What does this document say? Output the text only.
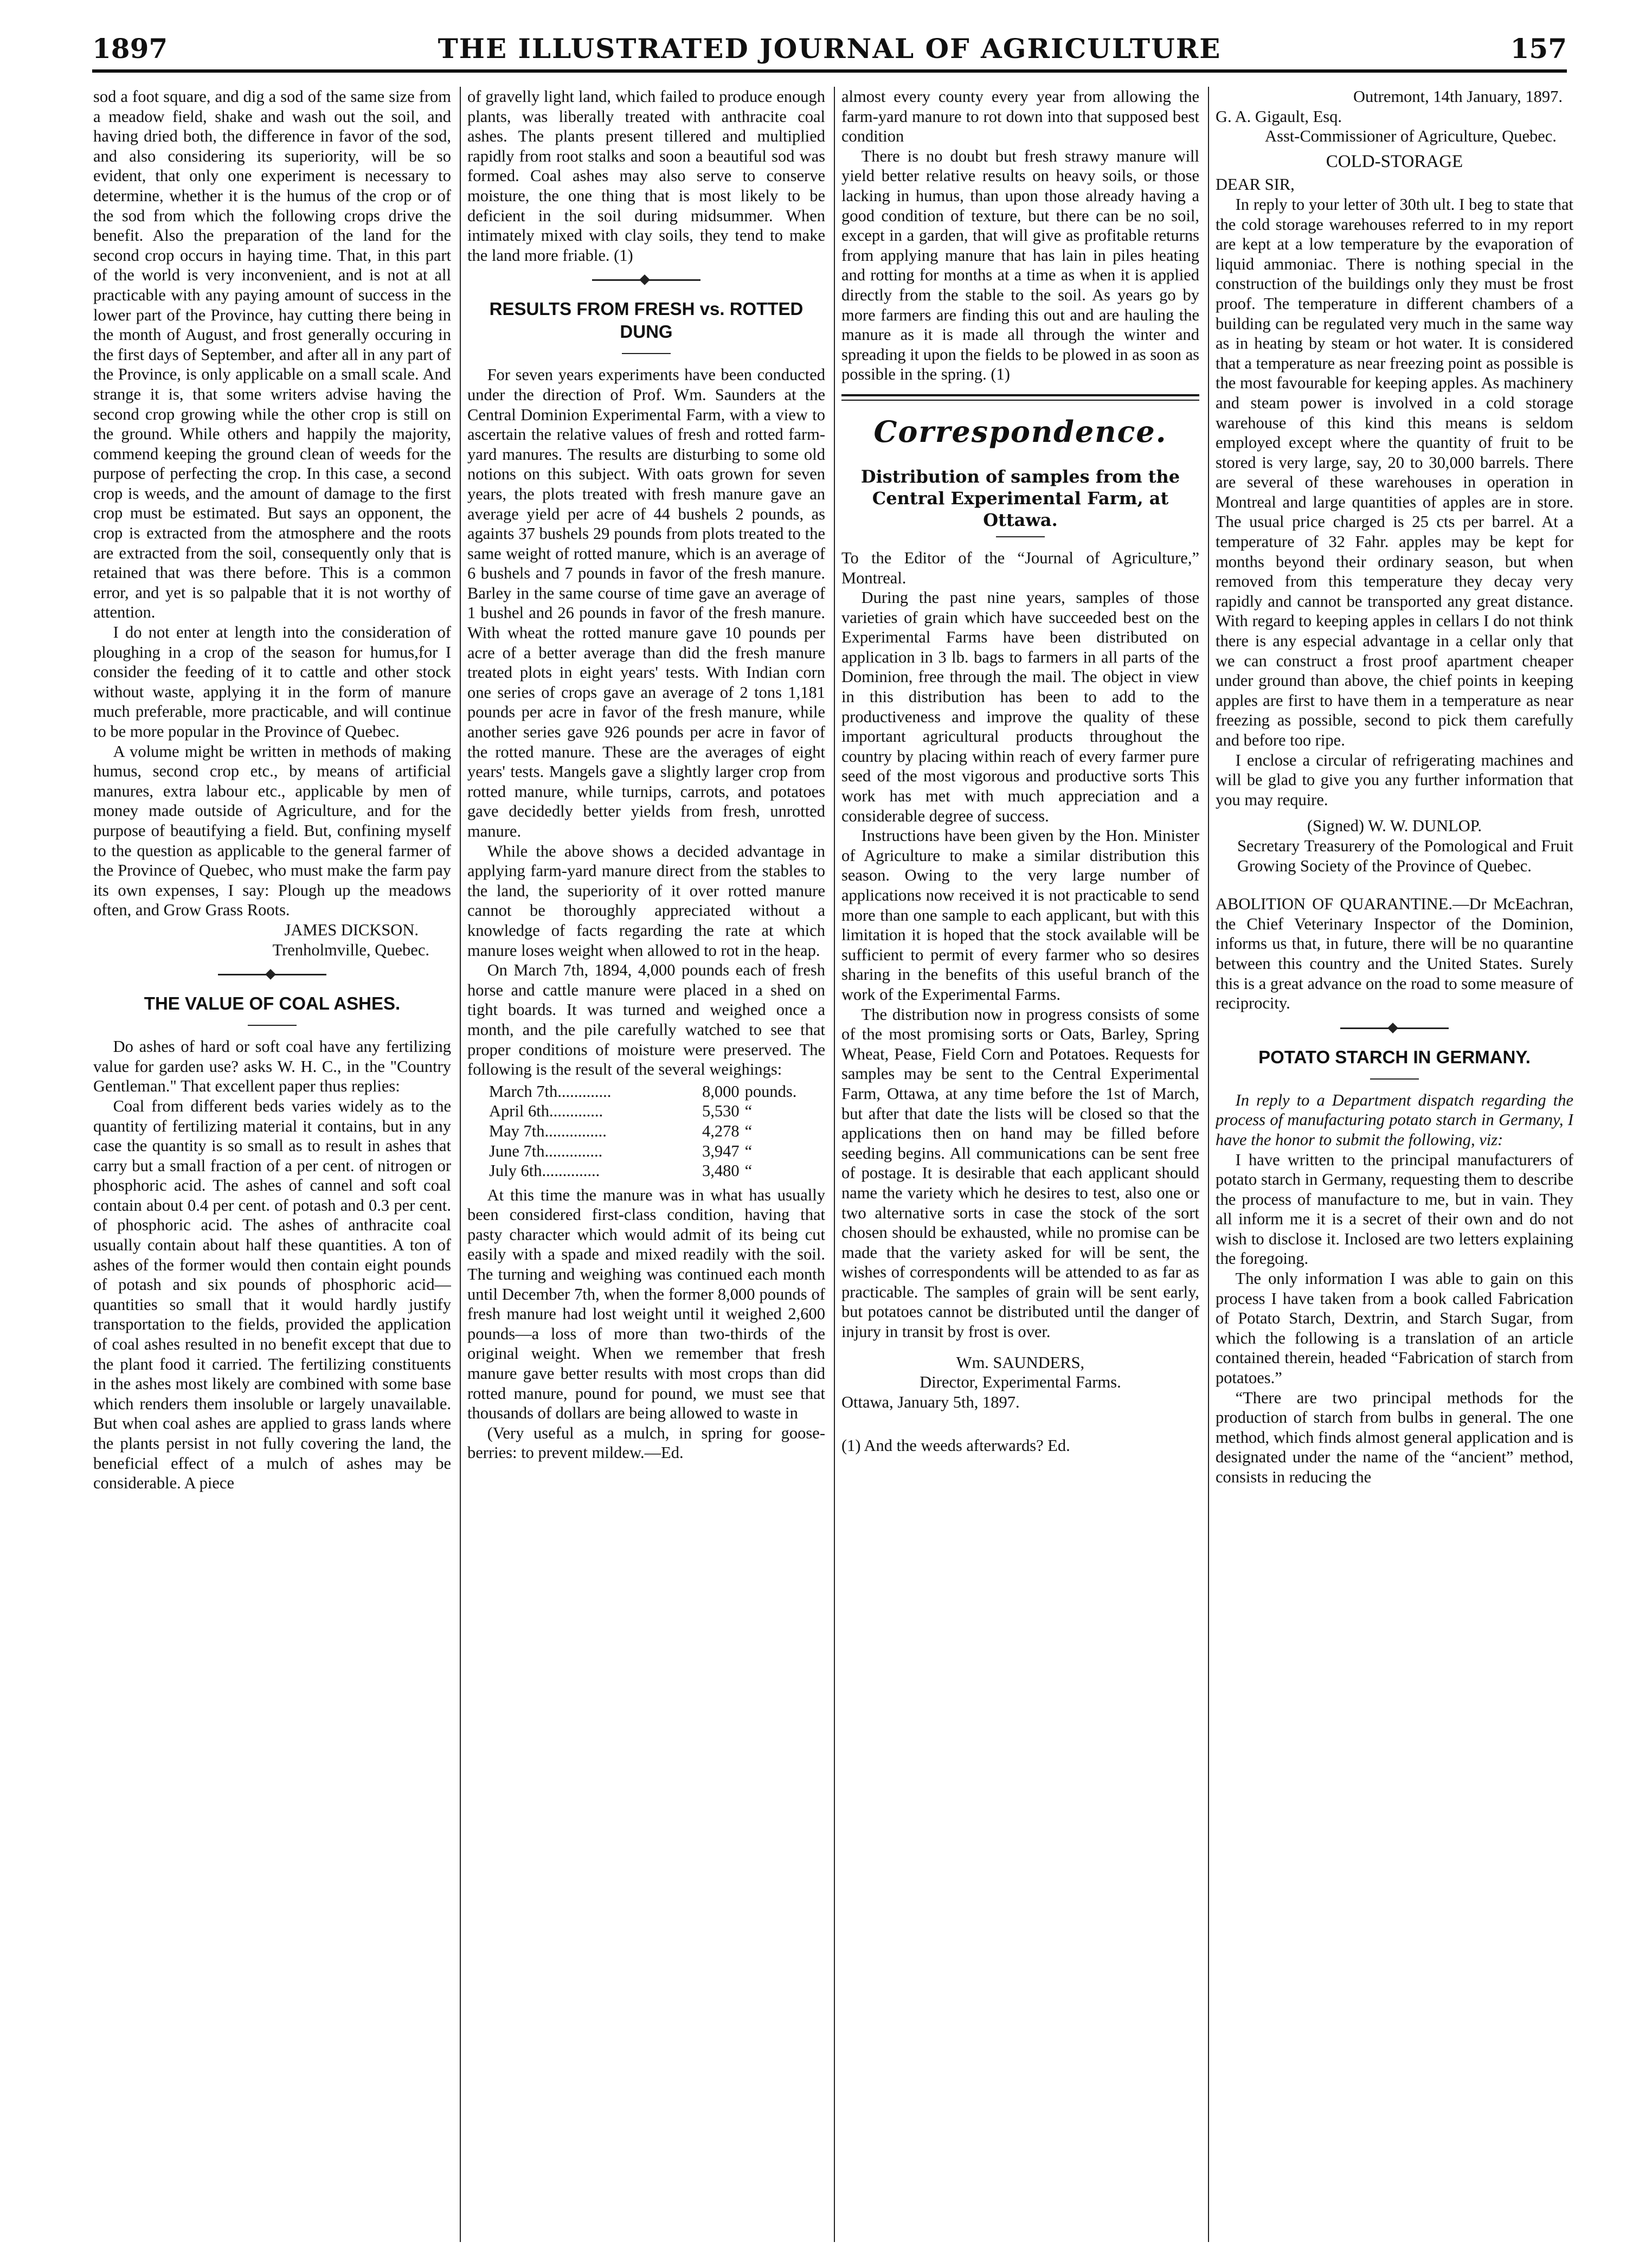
1897	THE ILLUSTRATED JOURNAL OF AGRICULTURE	157

sod a foot square, and dig a sod of the same size from a meadow field, shake and wash out the soil, and having dried both, the difference in favor of the sod, and also considering its superiority, will be so evident, that only one experiment is necessary to determine, whether it is the humus of the crop or of the sod from which the following crops drive the benefit. Also the preparation of the land for the second crop occurs in haying time. That, in this part of the world is very inconvenient, and is not at all practicable with any paying amount of success in the lower part of the Province, hay cutting there being in the month of August, and frost generally occuring in the first days of September, and after all in any part of the Province, is only applicable on a small scale. And strange it is, that some writers advise having the second crop growing while the other crop is still on the ground. While others and happily the majority, commend keeping the ground clean of weeds for the purpose of perfecting the crop. In this case, a second crop is weeds, and the amount of damage to the first crop must be estimated. But says an opponent, the crop is extracted from the atmosphere and the roots are extracted from the soil, consequently only that is retained that was there before. This is a common error, and yet is so palpable that it is not worthy of attention.

I do not enter at length into the consideration of ploughing in a crop of the season for humus,for I consider the feeding of it to cattle and other stock without waste, applying it in the form of manure much preferable, more practicable, and will continue to be more popular in the Province of Quebec.

A volume might be written in methods of making humus, second crop etc., by means of artificial manures, extra labour etc., applicable by men of money made outside of Agriculture, and for the purpose of beautifying a field. But, confining myself to the question as applicable to the general farmer of the Province of Quebec, who must make the farm pay its own expenses, I say: Plough up the meadows often, and Grow Grass Roots.

JAMES DICKSON.

Trenholmville, Quebec.

THE VALUE OF COAL ASHES.

Do ashes of hard or soft coal have any fertilizing value for garden use? asks W. H. C., in the "Country Gentleman." That excellent paper thus replies:

Coal from different beds varies widely as to the quantity of fertilizing material it contains, but in any case the quantity is so small as to result in ashes that carry but a small fraction of a per cent. of nitrogen or phosphoric acid. The ashes of cannel and soft coal contain about 0.4 per cent. of potash and 0.3 per cent. of phosphoric acid. The ashes of anthracite coal usually contain about half these quantities. A ton of ashes of the former would then contain eight pounds of potash and six pounds of phosphoric acid—quantities so small that it would hardly justify transportation to the fields, provided the application of coal ashes resulted in no benefit except that due to the plant food it carried. The fertilizing constituents in the ashes most likely are combined with some base which renders them insoluble or largely unavailable. But when coal ashes are applied to grass lands where the plants persist in not fully covering the land, the beneficial effect of a mulch of ashes may be considerable. A piece

of gravelly light land, which failed to produce enough plants, was liberally treated with anthracite coal ashes. The plants present tillered and multiplied rapidly from root stalks and soon a beautiful sod was formed. Coal ashes may also serve to conserve moisture, the one thing that is most likely to be deficient in the soil during midsummer. When intimately mixed with clay soils, they tend to make the land more friable. (1)

RESULTS FROM FRESH vs. ROTTED DUNG

For seven years experiments have been conducted under the direction of Prof. Wm. Saunders at the Central Dominion Experimental Farm, with a view to ascertain the relative values of fresh and rotted farm-yard manures. The results are disturbing to some old notions on this subject. With oats grown for seven years, the plots treated with fresh manure gave an average yield per acre of 44 bushels 2 pounds, as againts 37 bushels 29 pounds from plots treated to the same weight of rotted manure, which is an average of 6 bushels and 7 pounds in favor of the fresh manure. Barley in the same course of time gave an average of 1 bushel and 26 pounds in favor of the fresh manure. With wheat the rotted manure gave 10 pounds per acre of a better average than did the fresh manure treated plots in eight years' tests. With Indian corn one series of crops gave an average of 2 tons 1,181 pounds per acre in favor of the fresh manure, while another series gave 926 pounds per acre in favor of the rotted manure. These are the averages of eight years' tests. Mangels gave a slightly larger crop from rotted manure, while turnips, carrots, and potatoes gave decidedly better yields from fresh, unrotted manure.

While the above shows a decided advantage in applying farm-yard manure direct from the stables to the land, the superiority of it over rotted manure cannot be thoroughly appreciated without a knowledge of facts regarding the rate at which manure loses weight when allowed to rot in the heap.

On March 7th, 1894, 4,000 pounds each of fresh horse and cattle manure were placed in a shed on tight boards. It was turned and weighed once a month, and the pile carefully watched to see that proper conditions of moisture were preserved. The following is the result of the several weighings:

March 7th.............	8,000	pounds.
April 6th.............	5,530	“
May 7th...............	4,278	“
June 7th..............	3,947	“
July 6th..............	3,480	“

At this time the manure was in what has usually been considered first-class condition, having that pasty character which would admit of its being cut easily with a spade and mixed readily with the soil. The turning and weighing was continued each month until December 7th, when the former 8,000 pounds of fresh manure had lost weight until it weighed 2,600 pounds—a loss of more than two-thirds of the original weight. When we remember that fresh manure gave better results with most crops than did rotted manure, pound for pound, we must see that thousands of dollars are being allowed to waste in

(Very useful as a mulch, in spring for goose-berries: to prevent mildew.—Ed.

almost every county every year from allowing the farm-yard manure to rot down into that supposed best condition

There is no doubt but fresh strawy manure will yield better relative results on heavy soils, or those lacking in humus, than upon those already having a good condition of texture, but there can be no soil, except in a garden, that will give as profitable returns from applying manure that has lain in piles heating and rotting for months at a time as when it is applied directly from the stable to the soil. As years go by more farmers are finding this out and are hauling the manure as it is made all through the winter and spreading it upon the fields to be plowed in as soon as possible in the spring. (1)

Correspondence.
Distribution of samples from the Central Experimental Farm, at Ottawa.

To the Editor of the “Journal of Agriculture,” Montreal.

During the past nine years, samples of those varieties of grain which have succeeded best on the Experimental Farms have been distributed on application in 3 lb. bags to farmers in all parts of the Dominion, free through the mail. The object in view in this distribution has been to add to the productiveness and improve the quality of these important agricultural products throughout the country by placing within reach of every farmer pure seed of the most vigorous and productive sorts This work has met with much appreciation and a considerable degree of success.

Instructions have been given by the Hon. Minister of Agriculture to make a similar distribution this season. Owing to the very large number of applications now received it is not practicable to send more than one sample to each applicant, but with this limitation it is hoped that the stock available will be sufficient to permit of every farmer who so desires sharing in the benefits of this useful branch of the work of the Experimental Farms.

The distribution now in progress consists of some of the most promising sorts or Oats, Barley, Spring Wheat, Pease, Field Corn and Potatoes. Requests for samples may be sent to the Central Experimental Farm, Ottawa, at any time before the 1st of March, but after that date the lists will be closed so that the applications then on hand may be filled before seeding begins. All communications can be sent free of postage. It is desirable that each applicant should name the variety which he desires to test, also one or two alternative sorts in case the stock of the sort chosen should be exhausted, while no promise can be made that the variety asked for will be sent, the wishes of correspondents will be attended to as far as practicable. The samples of grain will be sent early, but potatoes cannot be distributed until the danger of injury in transit by frost is over.

Wm. SAUNDERS,

Director, Experimental Farms.

Ottawa, January 5th, 1897.

(1) And the weeds afterwards? Ed.

Outremont, 14th January, 1897.

G. A. Gigault, Esq.

Asst-Commissioner of Agriculture, Quebec.

COLD-STORAGE

DEAR SIR,

In reply to your letter of 30th ult. I beg to state that the cold storage warehouses referred to in my report are kept at a low temperature by the evaporation of liquid ammoniac. There is nothing special in the construction of the buildings only they must be frost proof. The temperature in different chambers of a building can be regulated very much in the same way as in heating by steam or hot water. It is considered that a temperature as near freezing point as possible is the most favourable for keeping apples. As machinery and steam power is involved in a cold storage warehouse of this kind this means is seldom employed except where the quantity of fruit to be stored is very large, say, 20 to 30,000 barrels. There are several of these warehouses in operation in Montreal and large quantities of apples are in store. The usual price charged is 25 cts per barrel. At a temperature of 32 Fahr. apples may be kept for months beyond their ordinary season, but when removed from this temperature they decay very rapidly and cannot be transported any great distance. With regard to keeping apples in cellars I do not think there is any especial advantage in a cellar only that we can construct a frost proof apartment cheaper under ground than above, the chief points in keeping apples are first to have them in a temperature as near freezing as possible, second to pick them carefully and before too ripe.

I enclose a circular of refrigerating machines and will be glad to give you any further information that you may require.

(Signed) W. W. DUNLOP.

Secretary Treasurery of the Pomological and Fruit Growing Society of the Province of Quebec.

ABOLITION OF QUARANTINE.—Dr McEachran, the Chief Veterinary Inspector of the Dominion, informs us that, in future, there will be no quarantine between this country and the United States. Surely this is a great advance on the road to some measure of reciprocity.

POTATO STARCH IN GERMANY.

In reply to a Department dispatch regarding the process of manufacturing potato starch in Germany, I have the honor to submit the following, viz:

I have written to the principal manufacturers of potato starch in Germany, requesting them to describe the process of manufacture to me, but in vain. They all inform me it is a secret of their own and do not wish to disclose it. Inclosed are two letters explaining the foregoing.

The only information I was able to gain on this process I have taken from a book called Fabrication of Potato Starch, Dextrin, and Starch Sugar, from which the following is a translation of an article contained therein, headed “Fabrication of starch from potatoes.”

“There are two principal methods for the production of starch from bulbs in general. The one method, which finds almost general application and is designated under the name of the “ancient” method, consists in reducing the
